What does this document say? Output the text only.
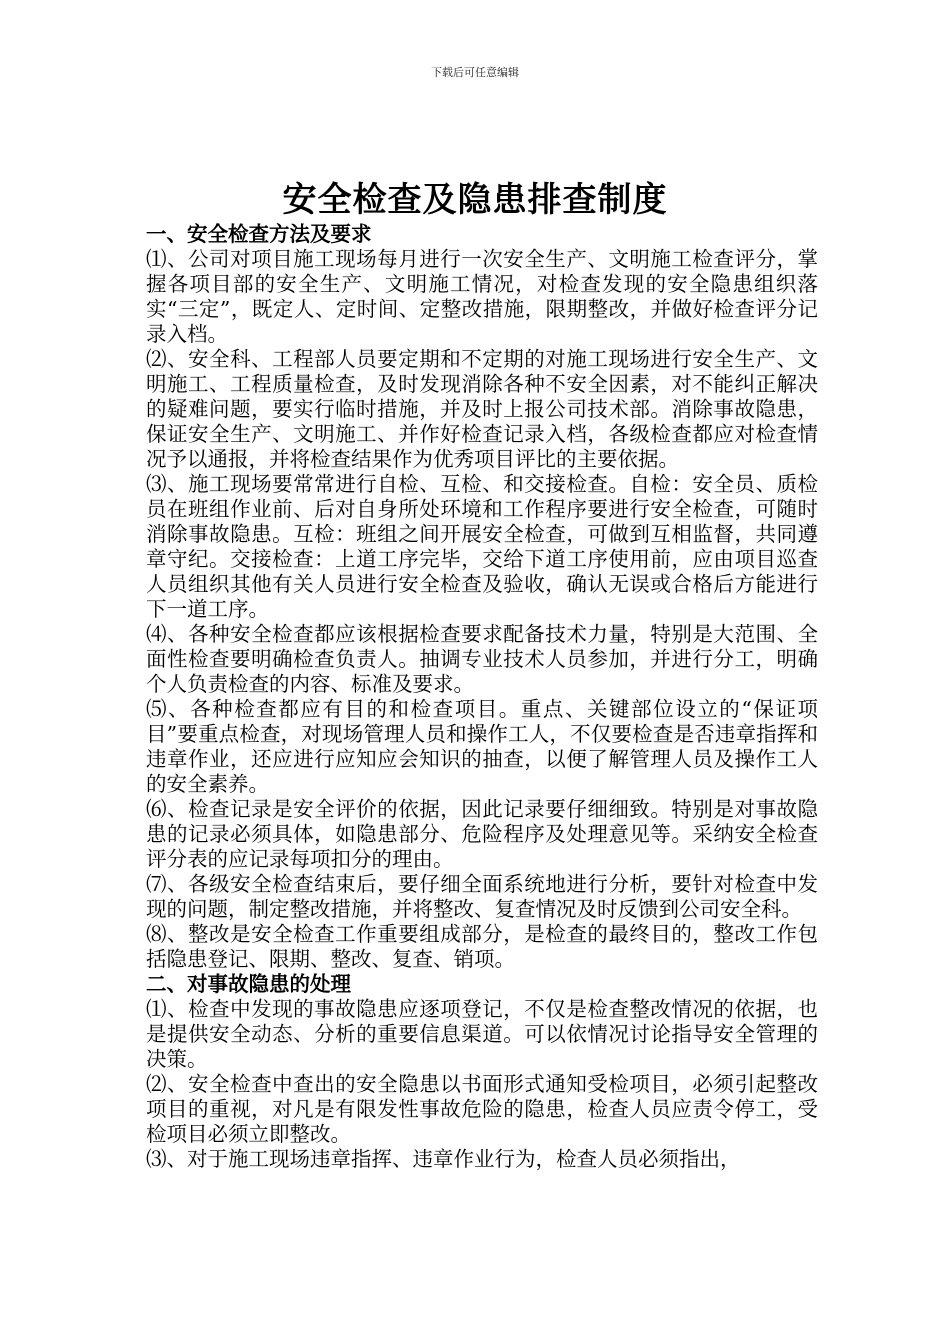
下载后可任意编辑
安全检查及隐患排查制度

一、安全检查方法及要求

⑴、公司对项目施工现场每月进行一次安全生产、文明施工检查评分，掌握各项目部的安全生产、文明施工情况，对检查发现的安全隐患组织落实“三定”，既定人、定时间、定整改措施，限期整改，并做好检查评分记录入档。

⑵、安全科、工程部人员要定期和不定期的对施工现场进行安全生产、文明施工、工程质量检查，及时发现消除各种不安全因素，对不能纠正解决的疑难问题，要实行临时措施，并及时上报公司技术部。消除事故隐患，保证安全生产、文明施工、并作好检查记录入档，各级检查都应对检查情况予以通报，并将检查结果作为优秀项目评比的主要依据。

⑶、施工现场要常常进行自检、互检、和交接检查。自检：安全员、质检员在班组作业前、后对自身所处环境和工作程序要进行安全检查，可随时消除事故隐患。互检：班组之间开展安全检查，可做到互相监督，共同遵章守纪。交接检查：上道工序完毕，交给下道工序使用前，应由项目巡查人员组织其他有关人员进行安全检查及验收，确认无误或合格后方能进行下一道工序。

⑷、各种安全检查都应该根据检查要求配备技术力量，特别是大范围、全面性检查要明确检查负责人。抽调专业技术人员参加，并进行分工，明确个人负责检查的内容、标准及要求。

⑸、各种检查都应有目的和检查项目。重点、关键部位设立的“保证项目”要重点检查，对现场管理人员和操作工人，不仅要检查是否违章指挥和违章作业，还应进行应知应会知识的抽查，以便了解管理人员及操作工人的安全素养。

⑹、检查记录是安全评价的依据，因此记录要仔细细致。特别是对事故隐患的记录必须具体，如隐患部分、危险程序及处理意见等。采纳安全检查评分表的应记录每项扣分的理由。

⑺、各级安全检查结束后，要仔细全面系统地进行分析，要针对检查中发现的问题，制定整改措施，并将整改、复查情况及时反馈到公司安全科。

⑻、整改是安全检查工作重要组成部分，是检查的最终目的，整改工作包括隐患登记、限期、整改、复查、销项。

二、对事故隐患的处理

⑴、检查中发现的事故隐患应逐项登记，不仅是检查整改情况的依据，也是提供安全动态、分析的重要信息渠道。可以依情况讨论指导安全管理的决策。

⑵、安全检查中查出的安全隐患以书面形式通知受检项目，必须引起整改项目的重视，对凡是有限发性事故危险的隐患，检查人员应责令停工，受检项目必须立即整改。

⑶、对于施工现场违章指挥、违章作业行为，检查人员必须指出，
